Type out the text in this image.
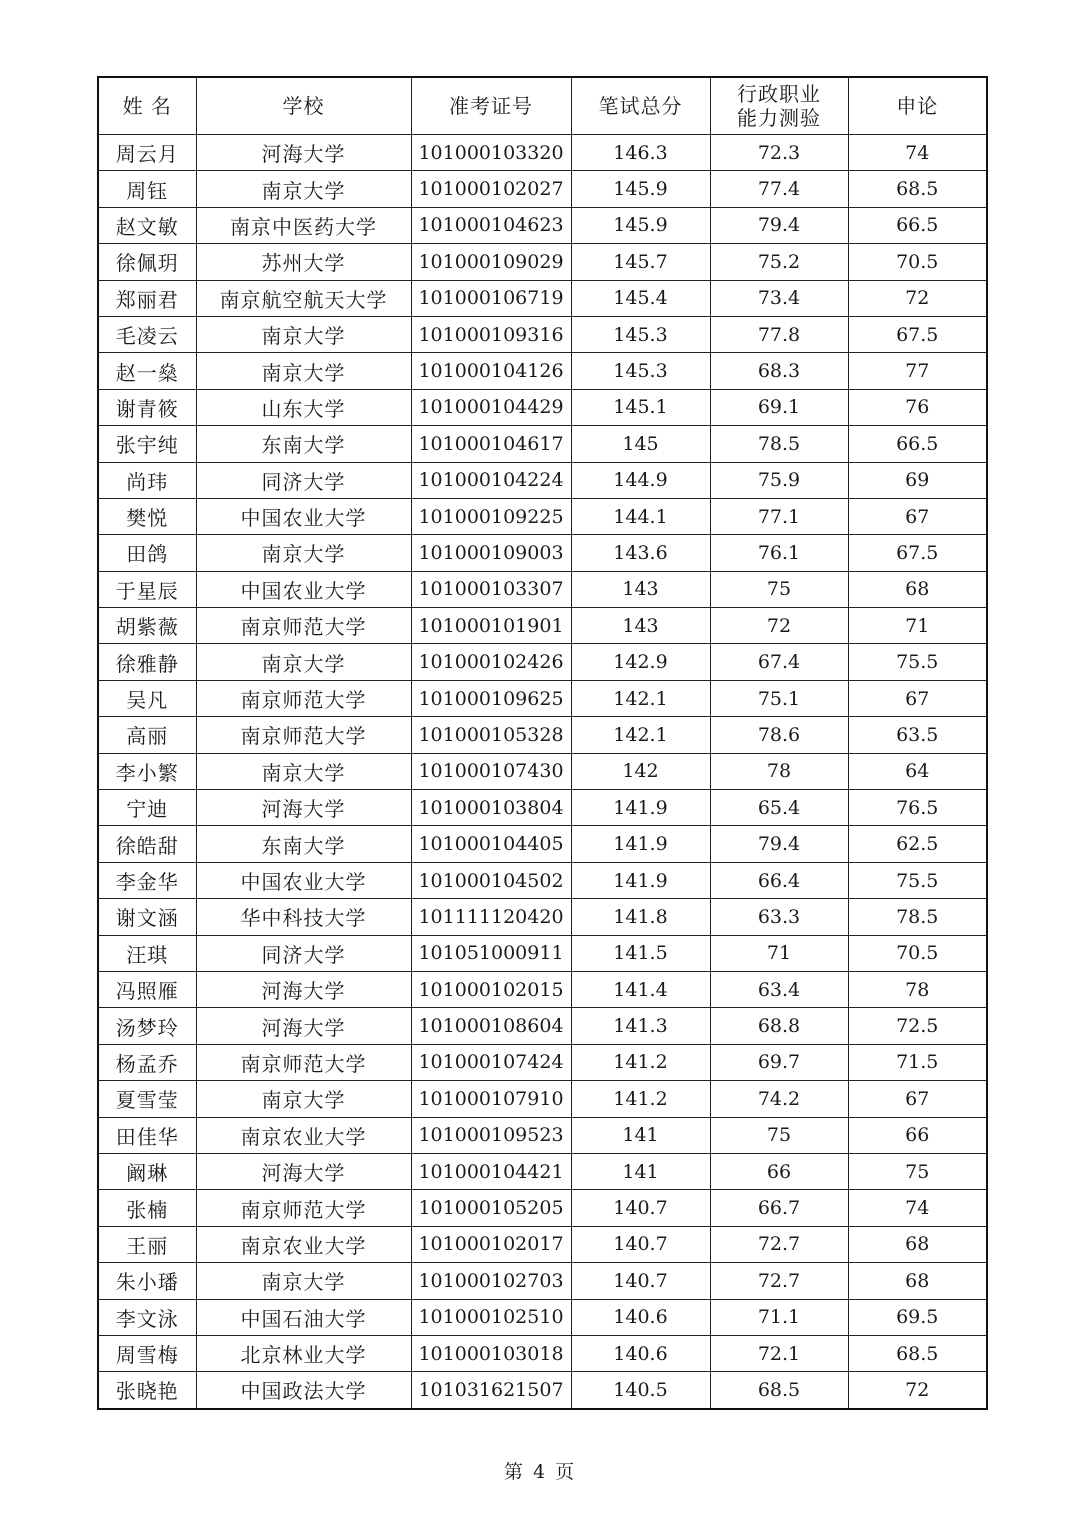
姓 名	学校	准考证号	笔试总分	行政职业能力测验	申论
周云月	河海大学	101000103320	146.3	72.3	74
周钰	南京大学	101000102027	145.9	77.4	68.5
赵文敏	南京中医药大学	101000104623	145.9	79.4	66.5
徐佩玥	苏州大学	101000109029	145.7	75.2	70.5
郑丽君	南京航空航天大学	101000106719	145.4	73.4	72
毛凌云	南京大学	101000109316	145.3	77.8	67.5
赵一燊	南京大学	101000104126	145.3	68.3	77
谢青筱	山东大学	101000104429	145.1	69.1	76
张宇纯	东南大学	101000104617	145	78.5	66.5
尚玮	同济大学	101000104224	144.9	75.9	69
樊悦	中国农业大学	101000109225	144.1	77.1	67
田鸽	南京大学	101000109003	143.6	76.1	67.5
于星辰	中国农业大学	101000103307	143	75	68
胡紫薇	南京师范大学	101000101901	143	72	71
徐雅静	南京大学	101000102426	142.9	67.4	75.5
吴凡	南京师范大学	101000109625	142.1	75.1	67
高丽	南京师范大学	101000105328	142.1	78.6	63.5
李小繁	南京大学	101000107430	142	78	64
宁迪	河海大学	101000103804	141.9	65.4	76.5
徐皓甜	东南大学	101000104405	141.9	79.4	62.5
李金华	中国农业大学	101000104502	141.9	66.4	75.5
谢文涵	华中科技大学	101111120420	141.8	63.3	78.5
汪琪	同济大学	101051000911	141.5	71	70.5
冯照雁	河海大学	101000102015	141.4	63.4	78
汤梦玲	河海大学	101000108604	141.3	68.8	72.5
杨孟乔	南京师范大学	101000107424	141.2	69.7	71.5
夏雪莹	南京大学	101000107910	141.2	74.2	67
田佳华	南京农业大学	101000109523	141	75	66
阚琳	河海大学	101000104421	141	66	75
张楠	南京师范大学	101000105205	140.7	66.7	74
王丽	南京农业大学	101000102017	140.7	72.7	68
朱小璠	南京大学	101000102703	140.7	72.7	68
李文泳	中国石油大学	101000102510	140.6	71.1	69.5
周雪梅	北京林业大学	101000103018	140.6	72.1	68.5
张晓艳	中国政法大学	101031621507	140.5	68.5	72
第 4 页
